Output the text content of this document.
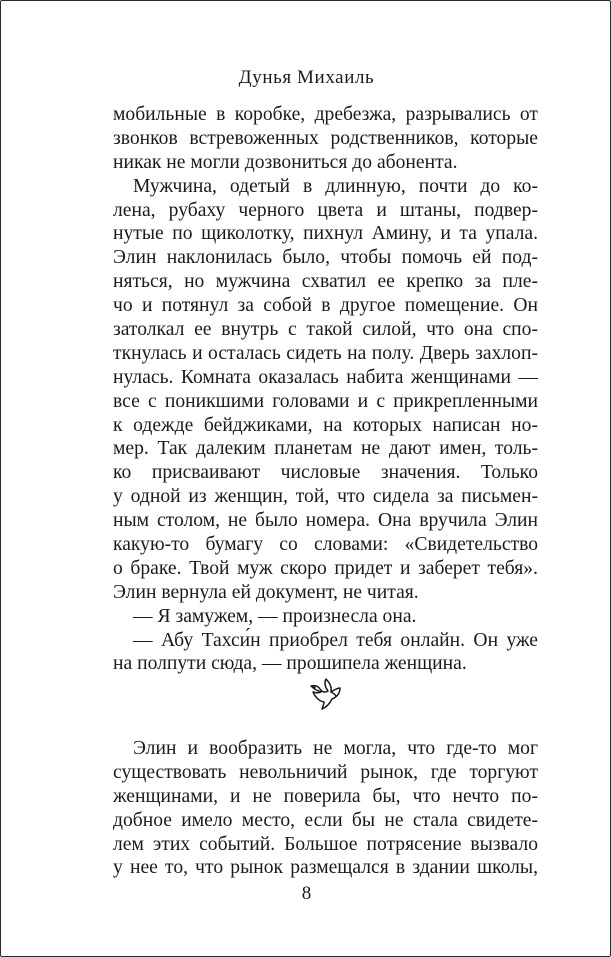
Дунья Михаиль
мобильные в коробке, дребезжа, разрывались от
звонков встревоженных родственников, которые
никак не могли дозвониться до абонента.
Мужчина, одетый в длинную, почти до ко-
лена, рубаху черного цвета и штаны, подвер-
нутые по щиколотку, пихнул Амину, и та упала.
Элин наклонилась было, чтобы помочь ей под-
няться, но мужчина схватил ее крепко за пле-
чо и потянул за собой в другое помещение. Он
затолкал ее внутрь с такой силой, что она спо-
ткнулась и осталась сидеть на полу. Дверь захлоп-
нулась. Комната оказалась набита женщинами —
все с поникшими головами и с прикрепленными
к одежде бейджиками, на которых написан но-
мер. Так далеким планетам не дают имен, толь-
ко присваивают числовые значения. Только
у одной из женщин, той, что сидела за письмен-
ным столом, не было номера. Она вручила Элин
какую-то бумагу со словами: «Свидетельство
о браке. Твой муж скоро придет и заберет тебя».
Элин вернула ей документ, не читая.
— Я замужем, — произнесла она.
— Абу Тахси́н приобрел тебя онлайн. Он уже
на полпути сюда, — прошипела женщина.
Элин и вообразить не могла, что где-то мог
существовать невольничий рынок, где торгуют
женщинами, и не поверила бы, что нечто по-
добное имело место, если бы не стала свидете-
лем этих событий. Большое потрясение вызвало
у нее то, что рынок размещался в здании школы,
8
